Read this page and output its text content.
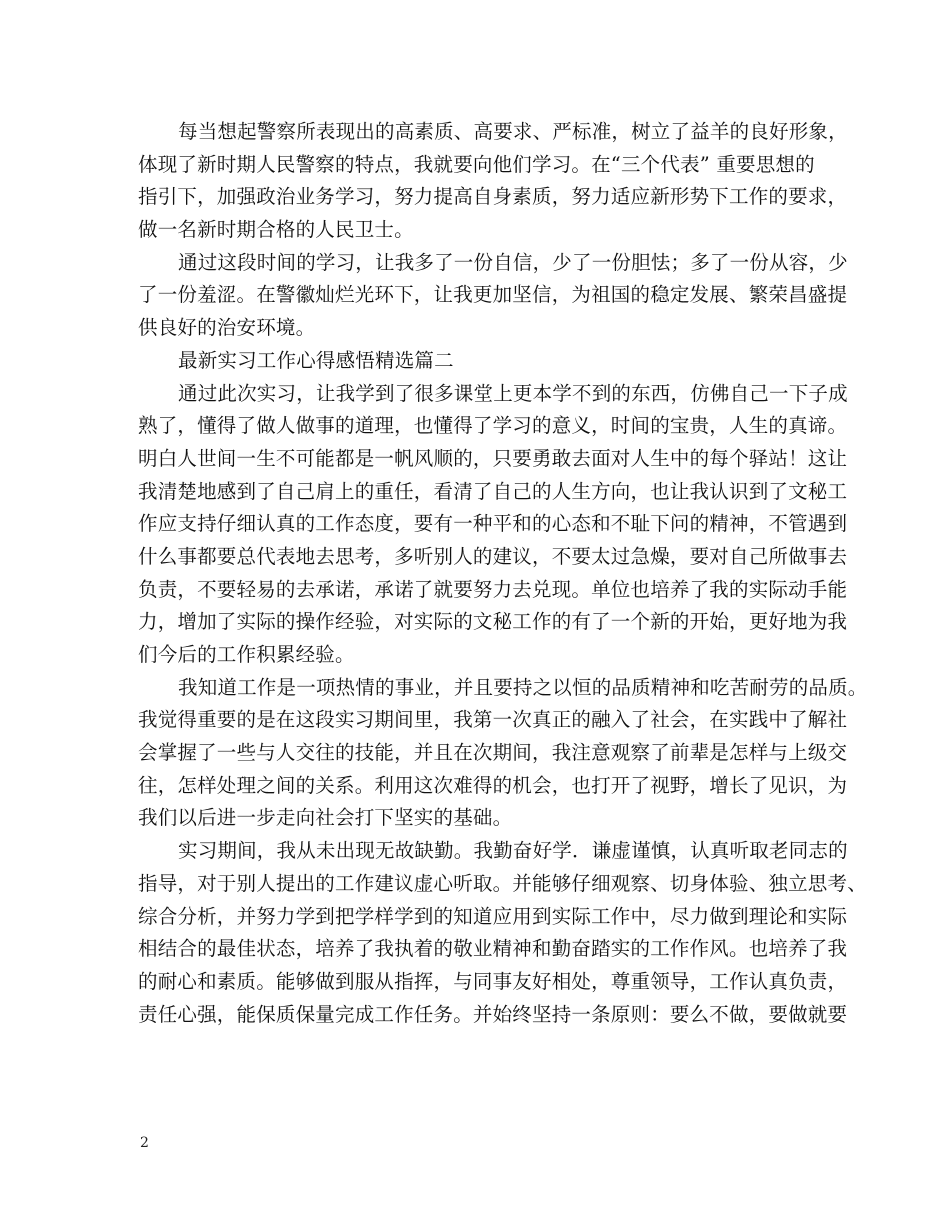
每当想起警察所表现出的高素质、高要求、严标准，树立了益羊的良好形象，
体现了新时期人民警察的特点，我就要向他们学习。在“三个代表” 重要思想的
指引下，加强政治业务学习，努力提高自身素质，努力适应新形势下工作的要求，
做一名新时期合格的人民卫士。
通过这段时间的学习，让我多了一份自信，少了一份胆怯；多了一份从容，少
了一份羞涩。在警徽灿烂光环下，让我更加坚信，为祖国的稳定发展、繁荣昌盛提
供良好的治安环境。
最新实习工作心得感悟精选篇二
通过此次实习，让我学到了很多课堂上更本学不到的东西，仿佛自己一下子成
熟了，懂得了做人做事的道理，也懂得了学习的意义，时间的宝贵，人生的真谛。
明白人世间一生不可能都是一帆风顺的，只要勇敢去面对人生中的每个驿站！这让
我清楚地感到了自己肩上的重任，看清了自己的人生方向，也让我认识到了文秘工
作应支持仔细认真的工作态度，要有一种平和的心态和不耻下问的精神，不管遇到
什么事都要总代表地去思考，多听别人的建议，不要太过急燥，要对自己所做事去
负责，不要轻易的去承诺，承诺了就要努力去兑现。单位也培养了我的实际动手能
力，增加了实际的操作经验，对实际的文秘工作的有了一个新的开始，更好地为我
们今后的工作积累经验。
我知道工作是一项热情的事业，并且要持之以恒的品质精神和吃苦耐劳的品质。
我觉得重要的是在这段实习期间里，我第一次真正的融入了社会，在实践中了解社
会掌握了一些与人交往的技能，并且在次期间，我注意观察了前辈是怎样与上级交
往，怎样处理之间的关系。利用这次难得的机会，也打开了视野，增长了见识，为
我们以后进一步走向社会打下坚实的基础。
实习期间，我从未出现无故缺勤。我勤奋好学．谦虚谨慎，认真听取老同志的
指导，对于别人提出的工作建议虚心听取。并能够仔细观察、切身体验、独立思考、
综合分析，并努力学到把学样学到的知道应用到实际工作中，尽力做到理论和实际
相结合的最佳状态，培养了我执着的敬业精神和勤奋踏实的工作作风。也培养了我
的耐心和素质。能够做到服从指挥，与同事友好相处，尊重领导，工作认真负责，
责任心强，能保质保量完成工作任务。并始终坚持一条原则：要么不做，要做就要
2
